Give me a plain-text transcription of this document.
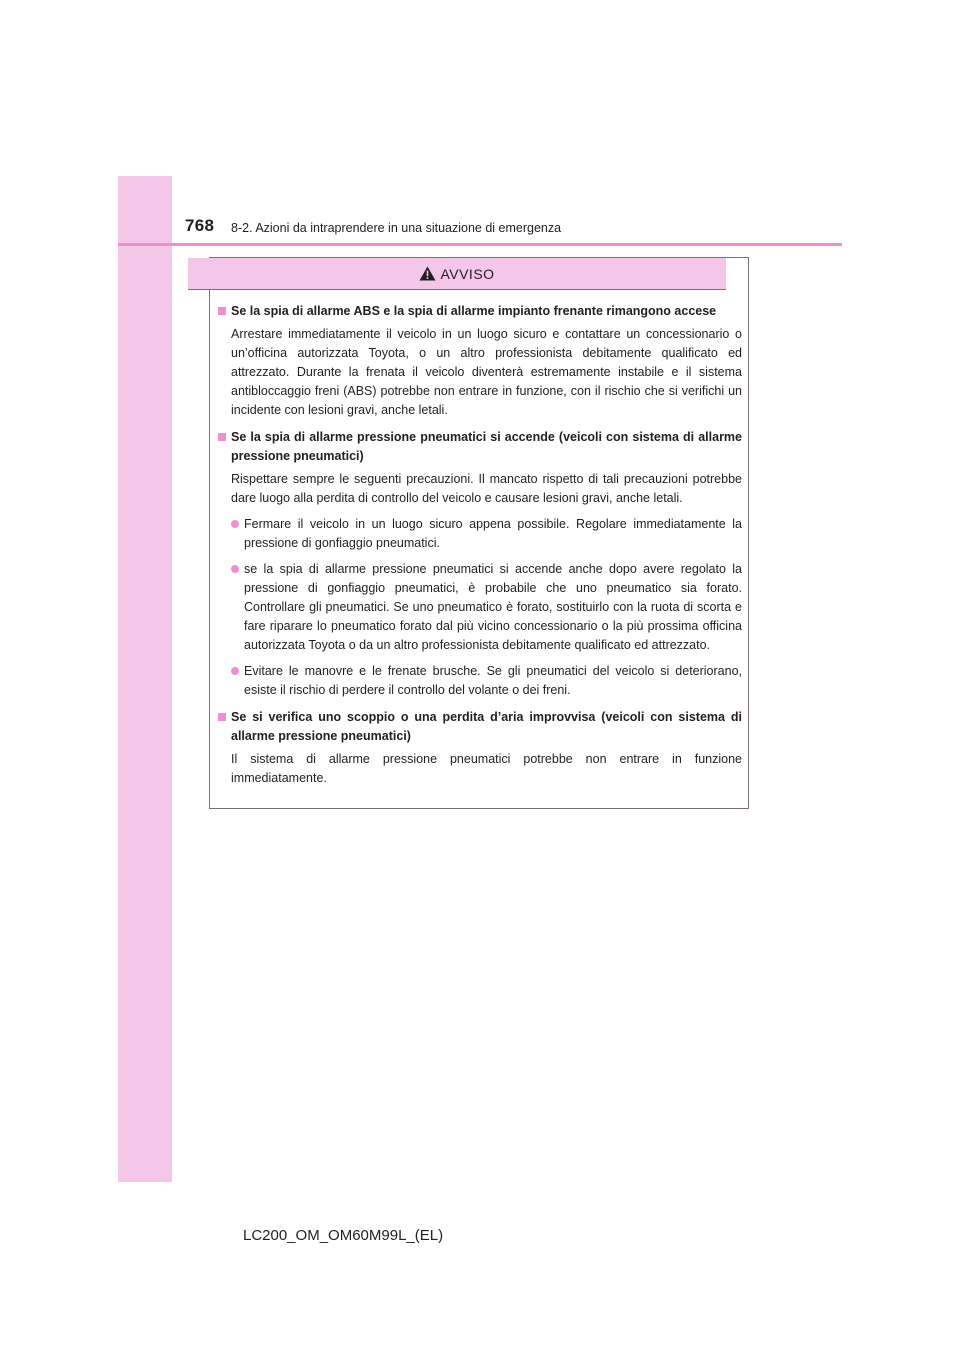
768 8-2. Azioni da intraprendere in una situazione di emergenza
AVVISO
Se la spia di allarme ABS e la spia di allarme impianto frenante rimangono accese
Arrestare immediatamente il veicolo in un luogo sicuro e contattare un concessionario o un’officina autorizzata Toyota, o un altro professionista debitamente qualificato ed attrezzato. Durante la frenata il veicolo diventerà estremamente instabile e il sistema antibloccaggio freni (ABS) potrebbe non entrare in funzione, con il rischio che si verifichi un incidente con lesioni gravi, anche letali.
Se la spia di allarme pressione pneumatici si accende (veicoli con sistema di allarme pressione pneumatici)
Rispettare sempre le seguenti precauzioni. Il mancato rispetto di tali precauzioni potrebbe dare luogo alla perdita di controllo del veicolo e causare lesioni gravi, anche letali.
Fermare il veicolo in un luogo sicuro appena possibile. Regolare immediatamente la pressione di gonfiaggio pneumatici.
se la spia di allarme pressione pneumatici si accende anche dopo avere regolato la pressione di gonfiaggio pneumatici, è probabile che uno pneumatico sia forato. Controllare gli pneumatici. Se uno pneumatico è forato, sostituirlo con la ruota di scorta e fare riparare lo pneumatico forato dal più vicino concessionario o la più prossima officina autorizzata Toyota o da un altro professionista debitamente qualificato ed attrezzato.
Evitare le manovre e le frenate brusche. Se gli pneumatici del veicolo si deteriorano, esiste il rischio di perdere il controllo del volante o dei freni.
Se si verifica uno scoppio o una perdita d’aria improvvisa (veicoli con sistema di allarme pressione pneumatici)
Il sistema di allarme pressione pneumatici potrebbe non entrare in funzione immediatamente.
LC200_OM_OM60M99L_(EL)
